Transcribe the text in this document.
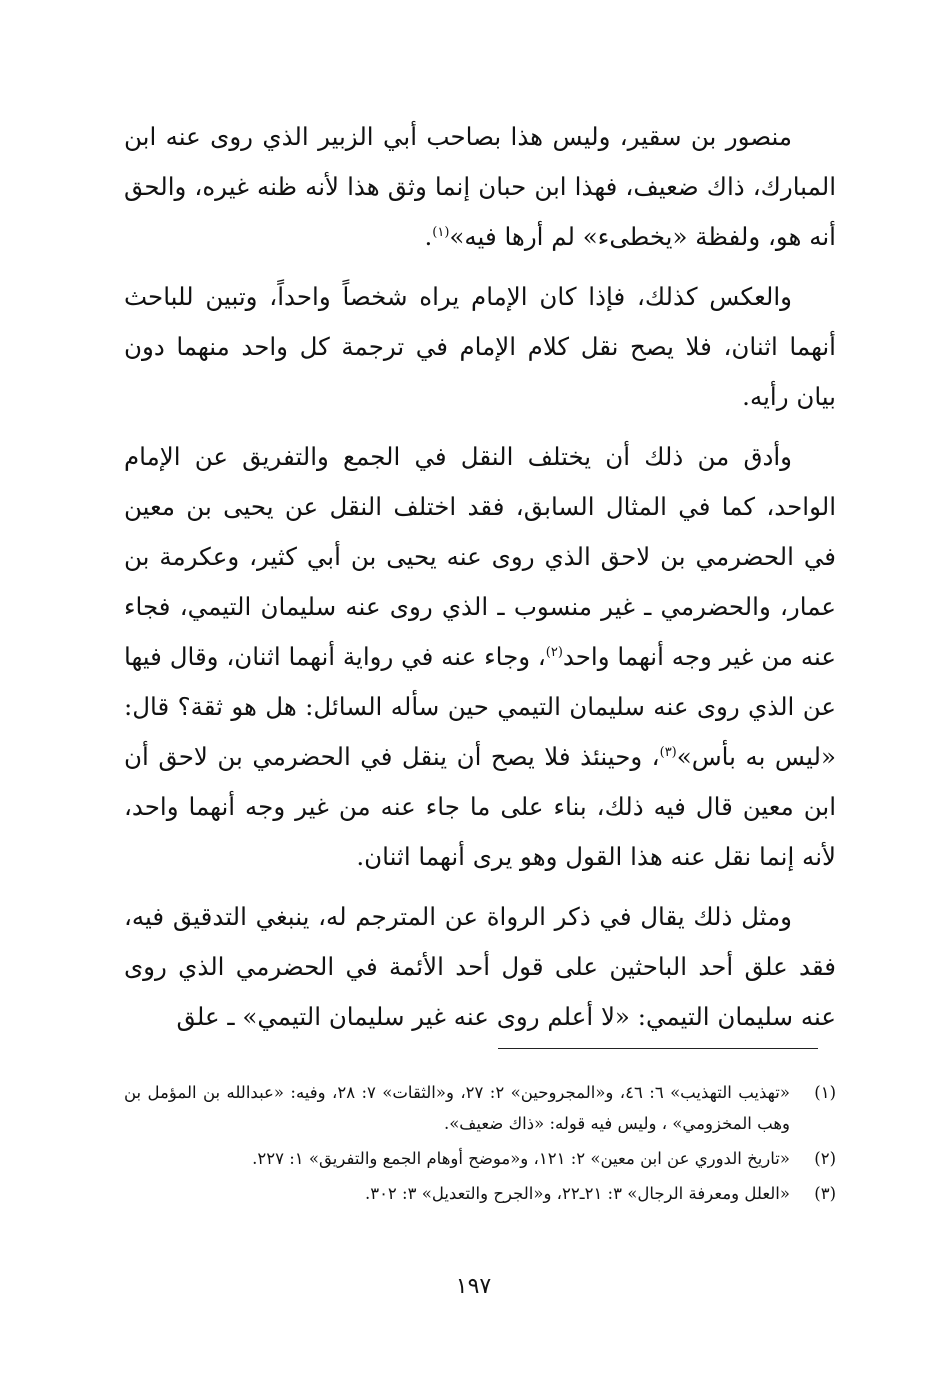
منصور بن سقير، وليس هذا بصاحب أبي الزبير الذي روى عنه ابن المبارك، ذاك ضعيف، فهذا ابن حبان إنما وثق هذا لأنه ظنه غيره، والحق أنه هو، ولفظة «يخطىء» لم أرها فيه»$^{(١)}$.

والعكس كذلك، فإذا كان الإمام يراه شخصاً واحداً، وتبين للباحث أنهما اثنان، فلا يصح نقل كلام الإمام في ترجمة كل واحد منهما دون بيان رأيه.

وأدق من ذلك أن يختلف النقل في الجمع والتفريق عن الإمام الواحد، كما في المثال السابق، فقد اختلف النقل عن يحيى بن معين في الحضرمي بن لاحق الذي روى عنه يحيى بن أبي كثير، وعكرمة بن عمار، والحضرمي ـ غير منسوب ـ الذي روى عنه سليمان التيمي، فجاء عنه من غير وجه أنهما واحد$^{(٢)}$، وجاء عنه في رواية أنهما اثنان، وقال فيها عن الذي روى عنه سليمان التيمي حين سأله السائل: هل هو ثقة؟ قال: «ليس به بأس»$^{(٣)}$، وحينئذ فلا يصح أن ينقل في الحضرمي بن لاحق أن ابن معين قال فيه ذلك، بناء على ما جاء عنه من غير وجه أنهما واحد، لأنه إنما نقل عنه هذا القول وهو يرى أنهما اثنان.

ومثل ذلك يقال في ذكر الرواة عن المترجم له، ينبغي التدقيق فيه، فقد علق أحد الباحثين على قول أحد الأئمة في الحضرمي الذي روى عنه سليمان التيمي: «لا أعلم روى عنه غير سليمان التيمي» ـ علق

(١)
«تهذيب التهذيب» ٦: ٤٦، و«المجروحين» ٢: ٢٧، و«الثقات» ٧: ٢٨، وفيه: «عبدالله بن المؤمل بن وهب المخزومي» ، وليس فيه قوله: «ذاك ضعيف».
(٢)
«تاريخ الدوري عن ابن معين» ٢: ١٢١، و«موضح أوهام الجمع والتفريق» ١: ٢٢٧.
(٣)
«العلل ومعرفة الرجال» ٣: ٢١ـ٢٢، و«الجرح والتعديل» ٣: ٣٠٢.
١٩٧
